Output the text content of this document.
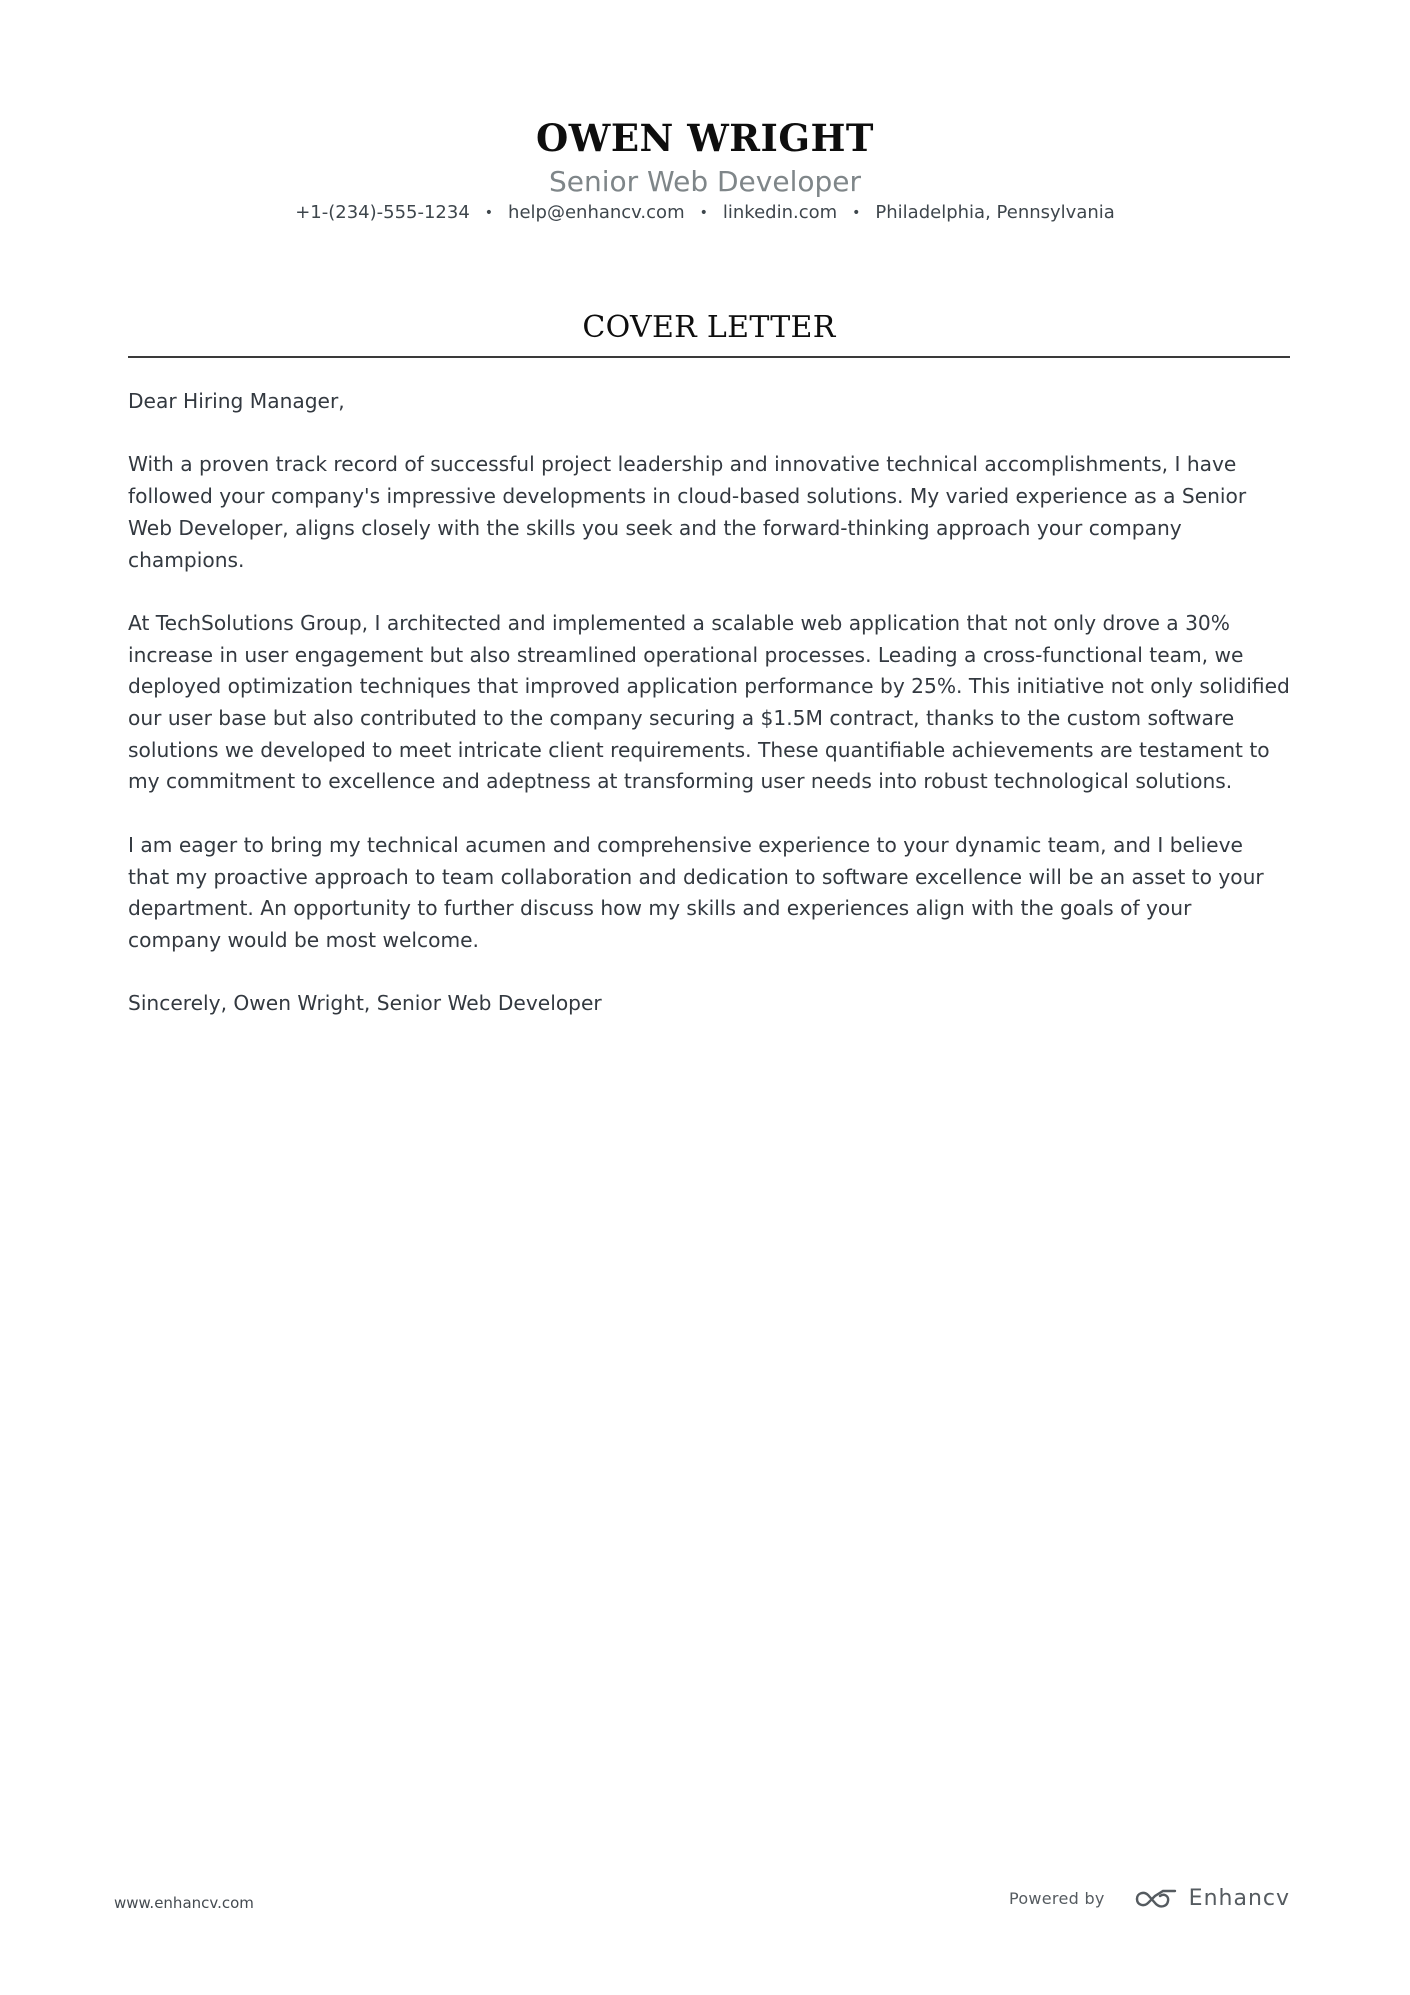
OWEN WRIGHT
Senior Web Developer
+1-(234)-555-1234 • help@enhancv.com • linkedin.com • Philadelphia, Pennsylvania
COVER LETTER

Dear Hiring Manager,

With a proven track record of successful project leadership and innovative technical accomplishments, I have followed your company's impressive developments in cloud-based solutions. My varied experience as a Senior Web Developer, aligns closely with the skills you seek and the forward-thinking approach your company champions.

At TechSolutions Group, I architected and implemented a scalable web application that not only drove a 30% increase in user engagement but also streamlined operational processes. Leading a cross-functional team, we deployed optimization techniques that improved application performance by 25%. This initiative not only solidified our user base but also contributed to the company securing a $1.5M contract, thanks to the custom software solutions we developed to meet intricate client requirements. These quantifiable achievements are testament to my commitment to excellence and adeptness at transforming user needs into robust technological solutions.

I am eager to bring my technical acumen and comprehensive experience to your dynamic team, and I believe that my proactive approach to team collaboration and dedication to software excellence will be an asset to your department. An opportunity to further discuss how my skills and experiences align with the goals of your company would be most welcome.

Sincerely, Owen Wright, Senior Web Developer

www.enhancv.com	Powered by	Enhancv
